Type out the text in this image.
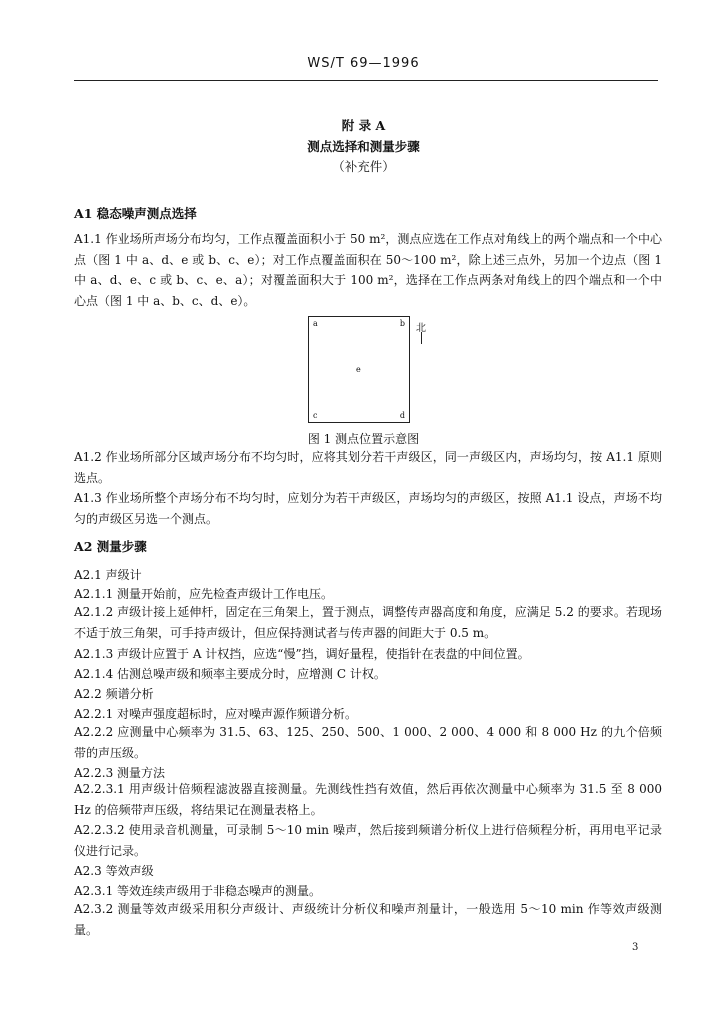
WS/T 69—1996
附 录 A
测点选择和测量步骤
（补充件）
A1 稳态噪声测点选择

A1.1 作业场所声场分布均匀，工作点覆盖面积小于 50 m²，测点应选在工作点对角线上的两个端点和一个中心点（图 1 中 a、d、e 或 b、c、e）；对工作点覆盖面积在 50～100 m²，除上述三点外，另加一个边点（图 1 中 a、d、e、c 或 b、c、e、a）；对覆盖面积大于 100 m²，选择在工作点两条对角线上的四个端点和一个中心点（图 1 中 a、b、c、d、e）。

a	b
e
c	d
北
图 1 测点位置示意图

A1.2 作业场所部分区域声场分布不均匀时，应将其划分若干声级区，同一声级区内，声场均匀，按 A1.1 原则选点。

A1.3 作业场所整个声场分布不均匀时，应划分为若干声级区，声场均匀的声级区，按照 A1.1 设点，声场不均匀的声级区另选一个测点。

A2 测量步骤
A2.1 声级计
A2.1.1 测量开始前，应先检查声级计工作电压。

A2.1.2 声级计接上延伸杆，固定在三角架上，置于测点，调整传声器高度和角度，应满足 5.2 的要求。若现场不适于放三角架，可手持声级计，但应保持测试者与传声器的间距大于 0.5 m。

A2.1.3 声级计应置于 A 计权挡，应选“慢”挡，调好量程，使指针在表盘的中间位置。
A2.1.4 估测总噪声级和频率主要成分时，应增测 C 计权。
A2.2 频谱分析
A2.2.1 对噪声强度超标时，应对噪声源作频谱分析。

A2.2.2 应测量中心频率为 31.5、63、125、250、500、1 000、2 000、4 000 和 8 000 Hz 的九个倍频带的声压级。

A2.2.3 测量方法

A2.2.3.1 用声级计倍频程滤波器直接测量。先测线性挡有效值，然后再依次测量中心频率为 31.5 至 8 000 Hz 的倍频带声压级，将结果记在测量表格上。

A2.2.3.2 使用录音机测量，可录制 5～10 min 噪声，然后接到频谱分析仪上进行倍频程分析，再用电平记录仪进行记录。

A2.3 等效声级
A2.3.1 等效连续声级用于非稳态噪声的测量。

A2.3.2 测量等效声级采用积分声级计、声级统计分析仪和噪声剂量计，一般选用 5～10 min 作等效声级测量。

3
